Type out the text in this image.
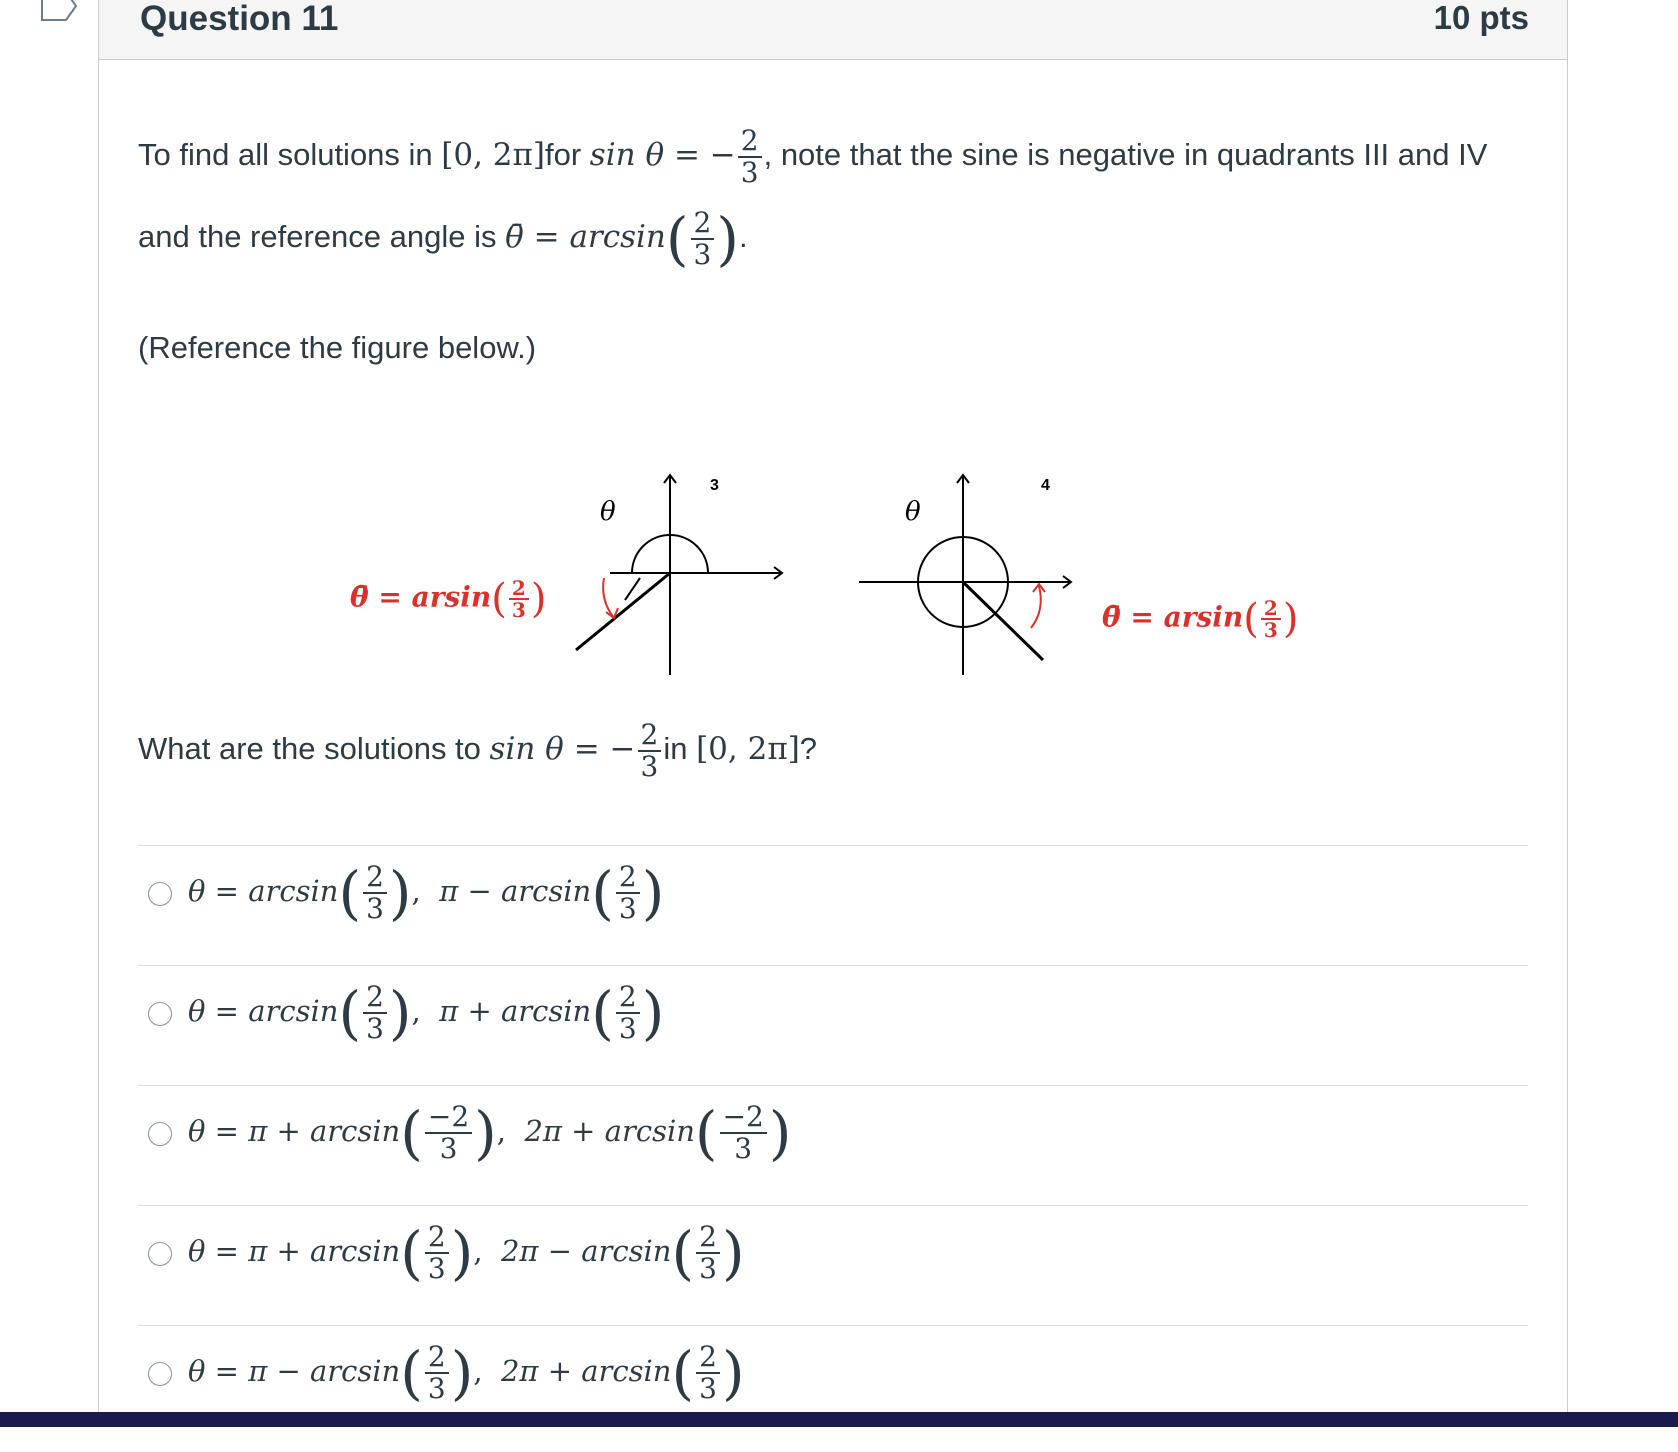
Question 11	10 pts
To find all solutions in [0, 2π]for sin θ = − $\frac{2}{3}$ , note that the sine is negative in quadrants III and IV
and the reference angle is θ̄ = $\arcsin( \frac{2}{3}$ ).
(Reference the figure below.)
θ̄ = $arsin( \frac{2}{3}$ )
θ
3
θ
4
θ̄ = $arsin( \frac{2}{3}$ )
What are the solutions to sin θ = − $\frac{2}{3}$ in [0, 2π]?
$\theta = \arcsin( \frac{2}{3}$ ), $\pi - \arcsin( \frac{2}{3}$ )
$\theta = \arcsin( \frac{2}{3}$ ), $\pi + \arcsin( \frac{2}{3}$ )
$\theta = \pi + \arcsin( \frac{-2}{3}$ ), $2\pi + \arcsin( \frac{-2}{3}$ )
$\theta = \pi + \arcsin( \frac{2}{3}$ ), $2\pi - \arcsin( \frac{2}{3}$ )
$\theta = \pi - \arcsin( \frac{2}{3}$ ), $2\pi + \arcsin( \frac{2}{3}$ )
